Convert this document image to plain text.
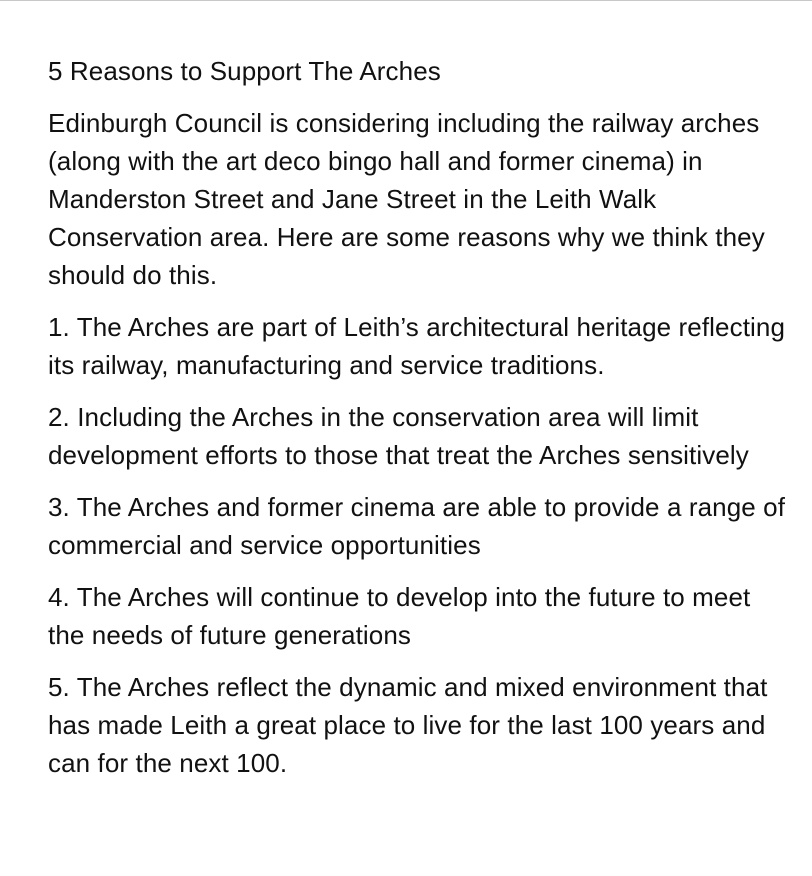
5 Reasons to Support The Arches

Edinburgh Council is considering including the railway arches (along with the art deco bingo hall and former cinema) in Manderston Street and Jane Street in the Leith Walk Conservation area. Here are some reasons why we think they should do this.

1. The Arches are part of Leith’s architectural heritage reflecting its railway, manufacturing and service traditions.

2. Including the Arches in the conservation area will limit development efforts to those that treat the Arches sensitively

3. The Arches and former cinema are able to provide a range of commercial and service opportunities

4. The Arches will continue to develop into the future to meet the needs of future generations

5. The Arches reflect the dynamic and mixed environment that has made Leith a great place to live for the last 100 years and can for the next 100.
